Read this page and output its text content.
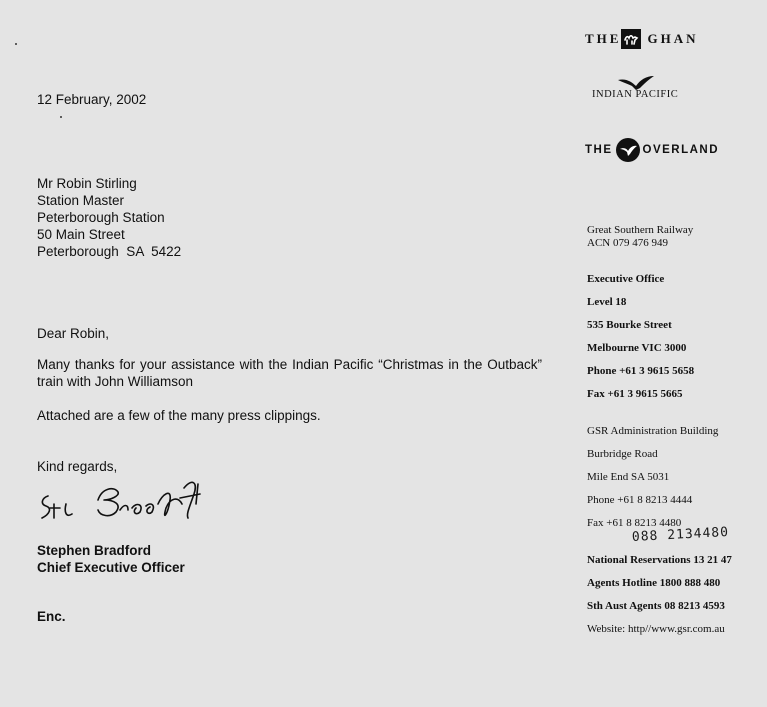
12 February, 2002
Mr Robin Stirling
Station Master
Peterborough Station
50 Main Street
Peterborough  SA  5422
Dear Robin,
Many thanks for your assistance with the Indian Pacific “Christmas in the Outback” train with John Williamson
Attached are a few of the many press clippings.
Kind regards,
Stephen Bradford
Chief Executive Officer
Enc.
THE GHAN
INDIAN PACIFIC
THE	OVERLAND
Great Southern Railway
ACN 079 476 949
Executive Office
Level 18
535 Bourke Street
Melbourne VIC 3000
Phone +61 3 9615 5658
Fax +61 3 9615 5665
GSR Administration Building
Burbridge Road
Mile End SA 5031
Phone +61 8 8213 4444
Fax +61 8 8213 4480
088 2134480
National Reservations 13 21 47
Agents Hotline 1800 888 480
Sth Aust Agents 08 8213 4593
Website: http//www.gsr.com.au
